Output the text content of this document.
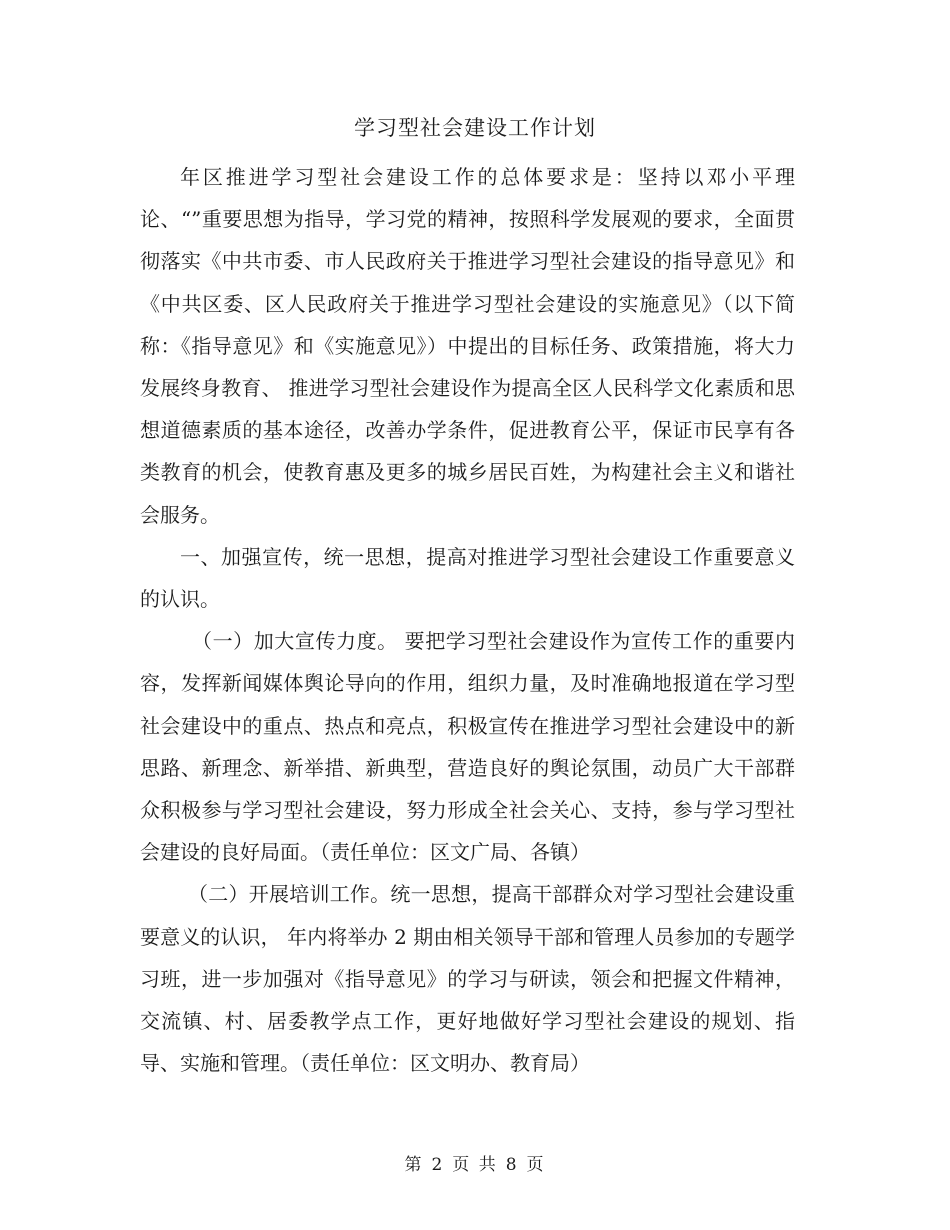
学习型社会建设工作计划

年区推进学习型社会建设工作的总体要求是：坚持以邓小平理论、“”重要思想为指导，学习党的精神，按照科学发展观的要求，全面贯彻落实《中共市委、市人民政府关于推进学习型社会建设的指导意见》和《中共区委、区人民政府关于推进学习型社会建设的实施意见》（以下简称：《指导意见》和《实施意见》）中提出的目标任务、政策措施，将大力发展终身教育、 推进学习型社会建设作为提高全区人民科学文化素质和思想道德素质的基本途径，改善办学条件，促进教育公平，保证市民享有各类教育的机会，使教育惠及更多的城乡居民百姓，为构建社会主义和谐社会服务。

一、加强宣传，统一思想，提高对推进学习型社会建设工作重要意义的认识。

（一）加大宣传力度。 要把学习型社会建设作为宣传工作的重要内容，发挥新闻媒体舆论导向的作用，组织力量，及时准确地报道在学习型社会建设中的重点、热点和亮点，积极宣传在推进学习型社会建设中的新思路、新理念、新举措、新典型，营造良好的舆论氛围，动员广大干部群众积极参与学习型社会建设，努力形成全社会关心、支持，参与学习型社会建设的良好局面。（责任单位：区文广局、各镇）

（二）开展培训工作。统一思想，提高干部群众对学习型社会建设重要意义的认识， 年内将举办 2 期由相关领导干部和管理人员参加的专题学习班，进一步加强对《指导意见》的学习与研读，领会和把握文件精神，交流镇、村、居委教学点工作，更好地做好学习型社会建设的规划、指导、实施和管理。（责任单位：区文明办、教育局）

第 2 页 共 8 页
